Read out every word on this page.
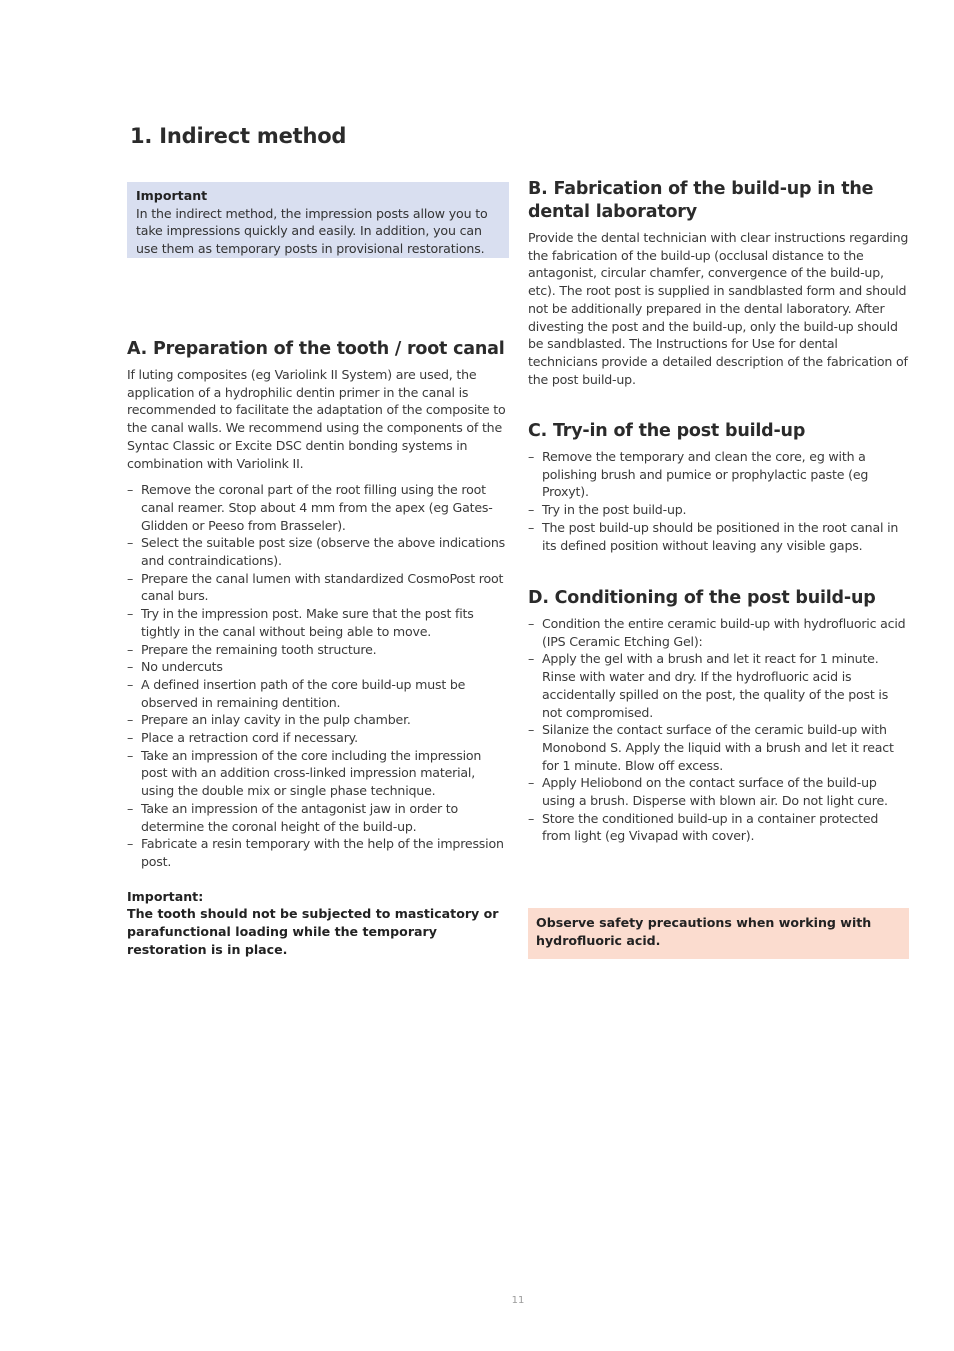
1. Indirect method
Important
In the indirect method, the impression posts allow you to take impressions quickly and easily. In addition, you can use them as temporary posts in provisional restorations.
A. Preparation of the tooth / root canal

If luting composites (eg Variolink II System) are used, the application of a hydrophilic dentin primer in the canal is recommended to facilitate the adaptation of the composite to the canal walls. We recommend using the components of the Syntac Classic or Excite DSC dentin bonding systems in combination with Variolink II.

– Remove the coronal part of the root filling using the root canal reamer. Stop about 4 mm from the apex (eg Gates-Glidden or Peeso from Brasseler).
– Select the suitable post size (observe the above indications and contraindications).
– Prepare the canal lumen with standardized CosmoPost root canal burs.
– Try in the impression post. Make sure that the post fits tightly in the canal without being able to move.
– Prepare the remaining tooth structure.
– No undercuts
– A defined insertion path of the core build-up must be observed in remaining dentition.
– Prepare an inlay cavity in the pulp chamber.
– Place a retraction cord if necessary.
– Take an impression of the core including the impression post with an addition cross-linked impression material, using the double mix or single phase technique.
– Take an impression of the antagonist jaw in order to determine the coronal height of the build-up.
– Fabricate a resin temporary with the help of the impression post.
Important:
The tooth should not be subjected to masticatory or parafunctional loading while the temporary restoration is in place.
B. Fabrication of the build-up in the dental laboratory

Provide the dental technician with clear instructions regarding the fabrication of the build-up (occlusal distance to the antagonist, circular chamfer, convergence of the build-up, etc). The root post is supplied in sandblasted form and should not be additionally prepared in the dental laboratory. After divesting the post and the build-up, only the build-up should be sandblasted. The Instructions for Use for dental technicians provide a detailed description of the fabrication of the post build-up.

C. Try-in of the post build-up
– Remove the temporary and clean the core, eg with a polishing brush and pumice or prophylactic paste (eg Proxyt).
– Try in the post build-up.
– The post build-up should be positioned in the root canal in its defined position without leaving any visible gaps.
D. Conditioning of the post build-up
– Condition the entire ceramic build-up with hydrofluoric acid (IPS Ceramic Etching Gel):
– Apply the gel with a brush and let it react for 1 minute. Rinse with water and dry. If the hydrofluoric acid is accidentally spilled on the post, the quality of the post is not compromised.
– Silanize the contact surface of the ceramic build-up with Monobond S. Apply the liquid with a brush and let it react for 1 minute. Blow off excess.
– Apply Heliobond on the contact surface of the build-up using a brush. Disperse with blown air. Do not light cure.
– Store the conditioned build-up in a container protected from light (eg Vivapad with cover).
Observe safety precautions when working with hydrofluoric acid.
11
